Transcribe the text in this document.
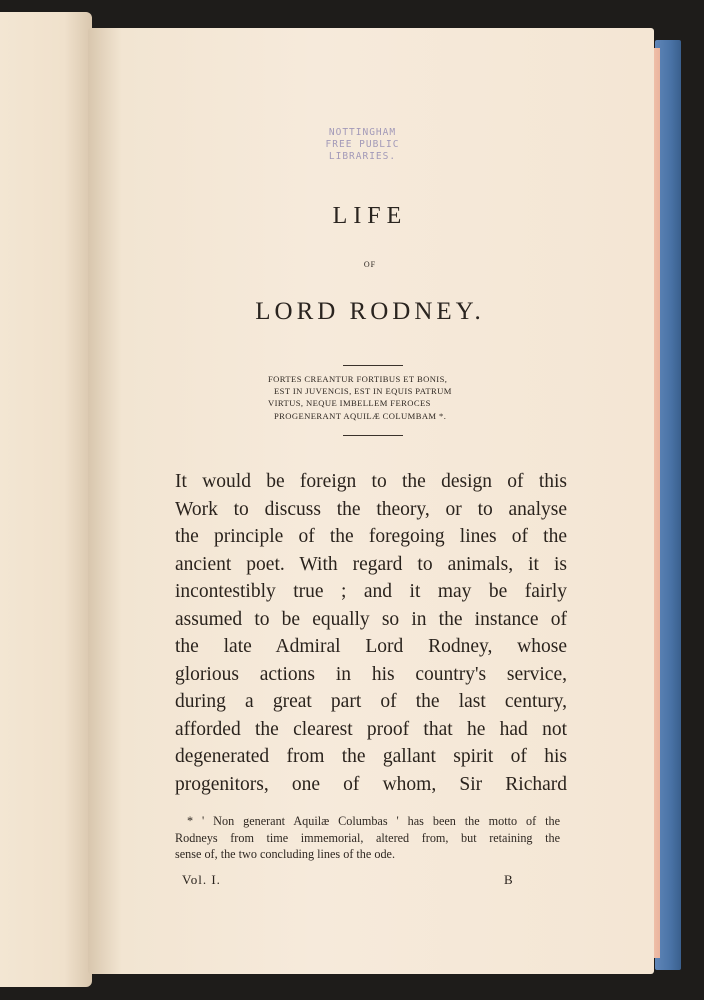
NOTTINGHAM
FREE PUBLIC
LIBRARIES.
LIFE
OF
LORD RODNEY.
FORTES CREANTUR FORTIBUS ET BONIS,
EST IN JUVENCIS, EST IN EQUIS PATRUM
VIRTUS, NEQUE IMBELLEM FEROCES
PROGENERANT AQUILÆ COLUMBAM *.
It would be foreign to the design of this
Work to discuss the theory, or to analyse
the principle of the foregoing lines of the
ancient poet. With regard to animals, it is
incontestibly true ; and it may be fairly
assumed to be equally so in the instance of
the late Admiral Lord Rodney, whose
glorious actions in his country's service,
during a great part of the last century,
afforded the clearest proof that he had not
degenerated from the gallant spirit of his
progenitors, one of whom, Sir Richard
* ' Non generant Aquilæ Columbas ' has been the motto of the
Rodneys from time immemorial, altered from, but retaining the
sense of, the two concluding lines of the ode.
Vol. I.	B
